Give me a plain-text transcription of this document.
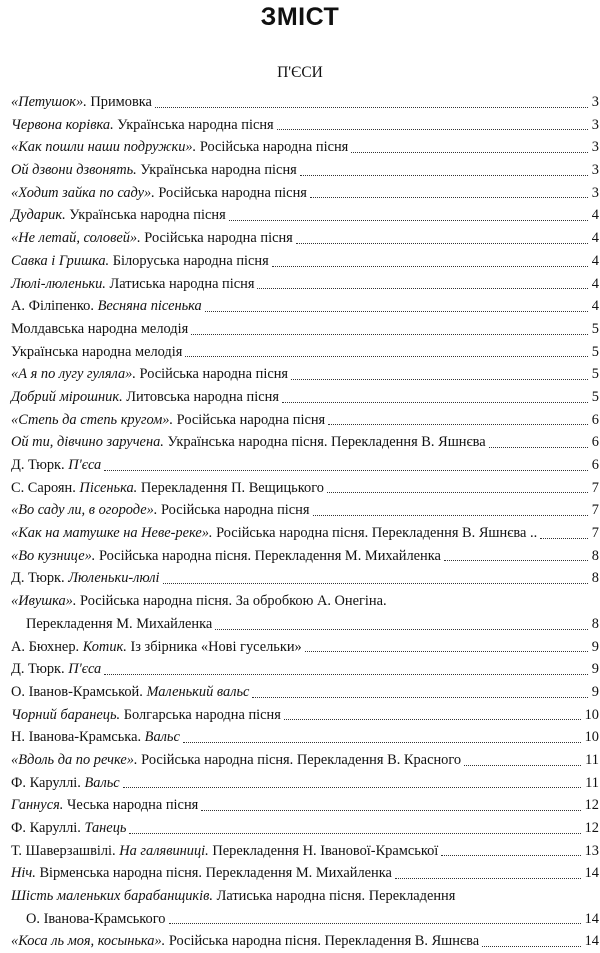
ЗМІСТ
П'ЄСИ
«Петушок». Примовка	3
Червона корівка. Українська народна пісня	3
«Как пошли наши подружки». Російська народна пісня	3
Ой дзвони дзвонять. Українська народна пісня	3
«Ходит зайка по саду». Російська народна пісня	3
Дударик. Українська народна пісня	4
«Не летай, соловей». Російська народна пісня	4
Савка і Гришка. Білоруська народна пісня	4
Люлі-люленьки. Латиська народна пісня	4
А. Філіпенко. Весняна пісенька	4
Молдавська народна мелодія	5
Українська народна мелодія	5
«А я по лугу гуляла». Російська народна пісня	5
Добрий мірошник. Литовська народна пісня	5
«Степь да степь кругом». Російська народна пісня	6
Ой ти, дівчино заручена. Українська народна пісня. Перекладення В. Яшнєва	6
Д. Тюрк. П'єса	6
С. Сароян. Пісенька. Перекладення П. Вещицького	7
«Во саду ли, в огороде». Російська народна пісня	7
«Как на матушке на Неве-реке». Російська народна пісня. Перекладення В. Яшнєва ..	7
«Во кузнице». Російська народна пісня. Перекладення М. Михайленка	8
Д. Тюрк. Люленьки-люлі	8
«Ивушка». Російська народна пісня. За обробкою А. Онегіна.
Перекладення М. Михайленка	8
А. Бюхнер. Котик. Із збірника «Нові гусельки»	9
Д. Тюрк. П'єса	9
О. Іванов-Крамськой. Маленький вальс	9
Чорний баранець. Болгарська народна пісня	10
Н. Іванова-Крамська. Вальс	10
«Вдоль да по речке». Російська народна пісня. Перекладення В. Красного	11
Ф. Каруллі. Вальс	11
Ганнуся. Чеська народна пісня	12
Ф. Каруллі. Танець	12
Т. Шаверзашвілі. На галявиниці. Перекладення Н. Іванової-Крамської	13
Ніч. Вірменська народна пісня. Перекладення М. Михайленка	14
Шість маленьких барабанщиків. Латиська народна пісня. Перекладення
О. Іванова-Крамського	14
«Коса ль моя, косынька». Російська народна пісня. Перекладення В. Яшнєва	14
